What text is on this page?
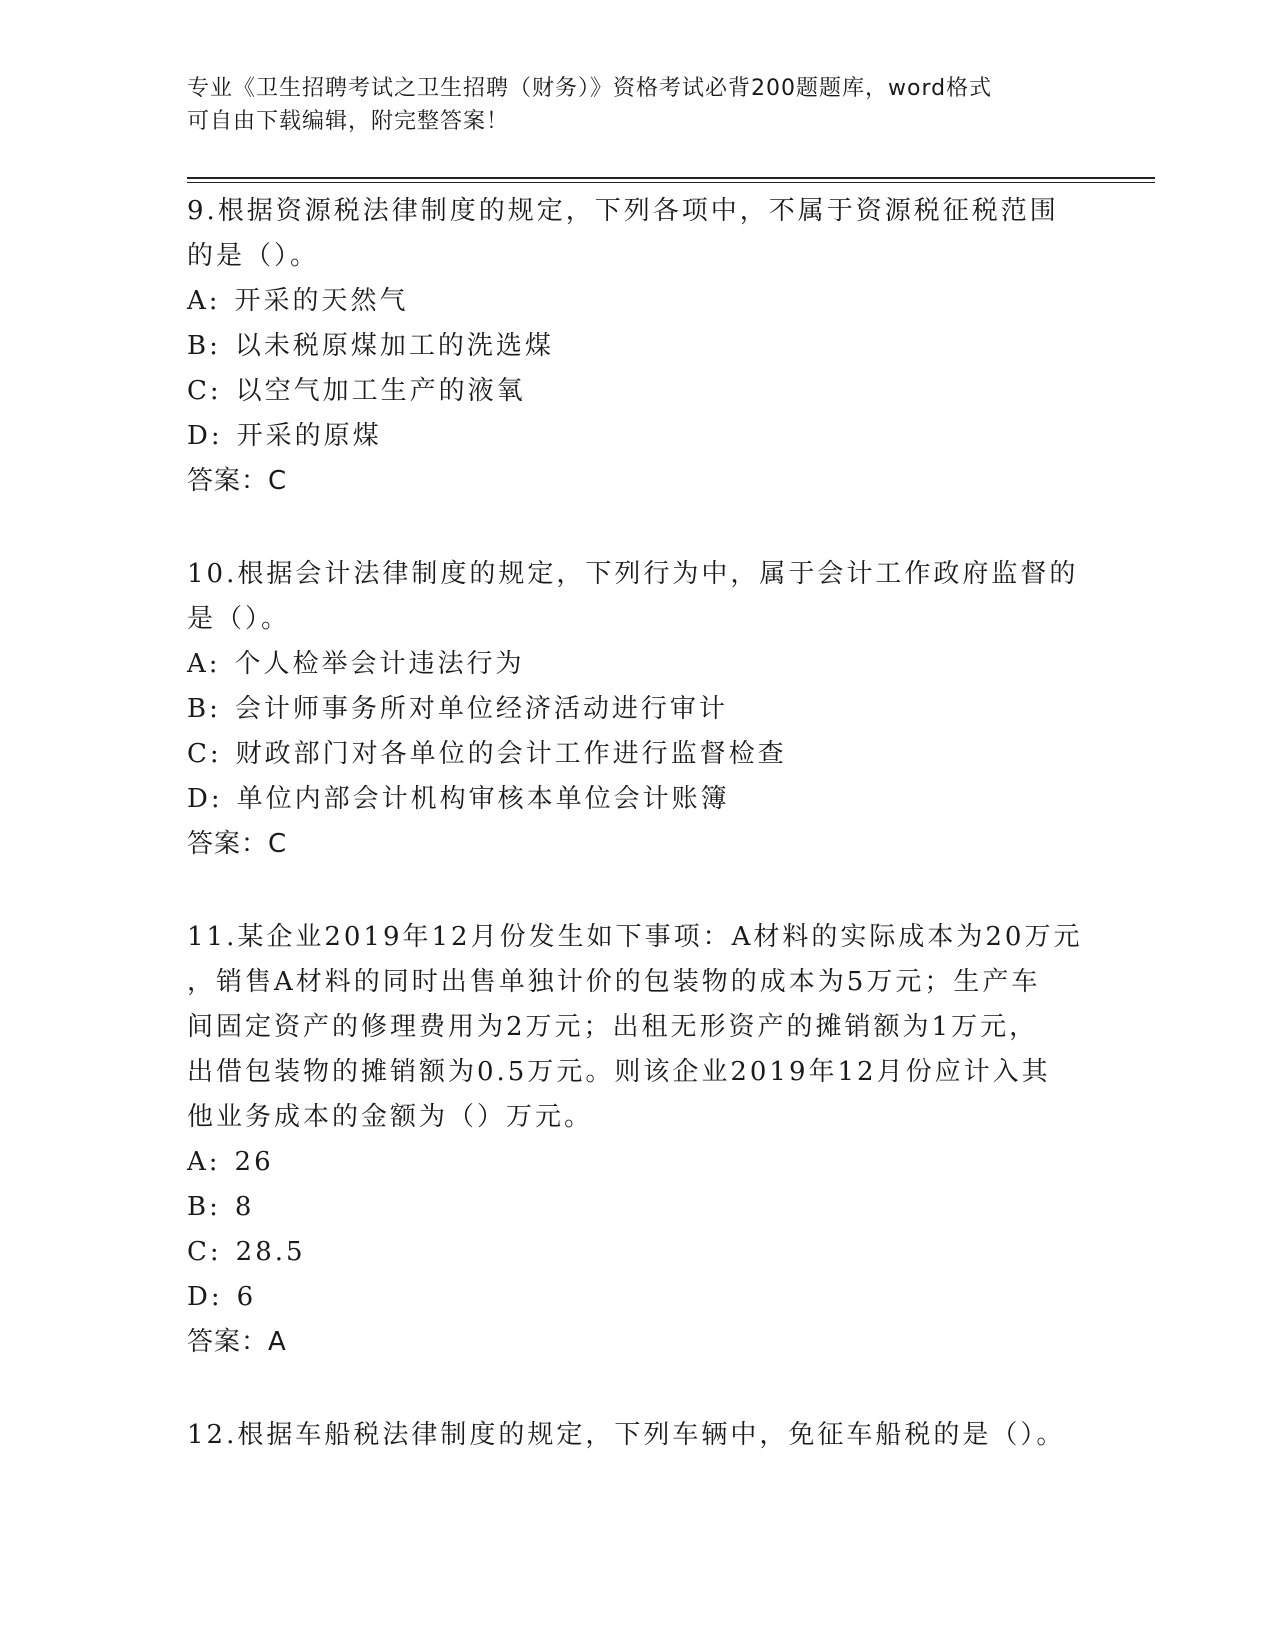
专业《卫生招聘考试之卫生招聘（财务）》资格考试必背200题题库，word格式
可自由下载编辑，附完整答案！
9.根据资源税法律制度的规定，下列各项中，不属于资源税征税范围
的是（）。
A: 开采的天然气
B: 以未税原煤加工的洗选煤
C: 以空气加工生产的液氧
D: 开采的原煤
答案：C
10.根据会计法律制度的规定，下列行为中，属于会计工作政府监督的
是（）。
A: 个人检举会计违法行为
B: 会计师事务所对单位经济活动进行审计
C: 财政部门对各单位的会计工作进行监督检查
D: 单位内部会计机构审核本单位会计账簿
答案：C
11.某企业2019年12月份发生如下事项：A材料的实际成本为20万元
，销售A材料的同时出售单独计价的包装物的成本为5万元；生产车
间固定资产的修理费用为2万元；出租无形资产的摊销额为1万元，
出借包装物的摊销额为0.5万元。则该企业2019年12月份应计入其
他业务成本的金额为（）万元。
A: 26
B: 8
C: 28.5
D: 6
答案：A
12.根据车船税法律制度的规定，下列车辆中，免征车船税的是（）。
